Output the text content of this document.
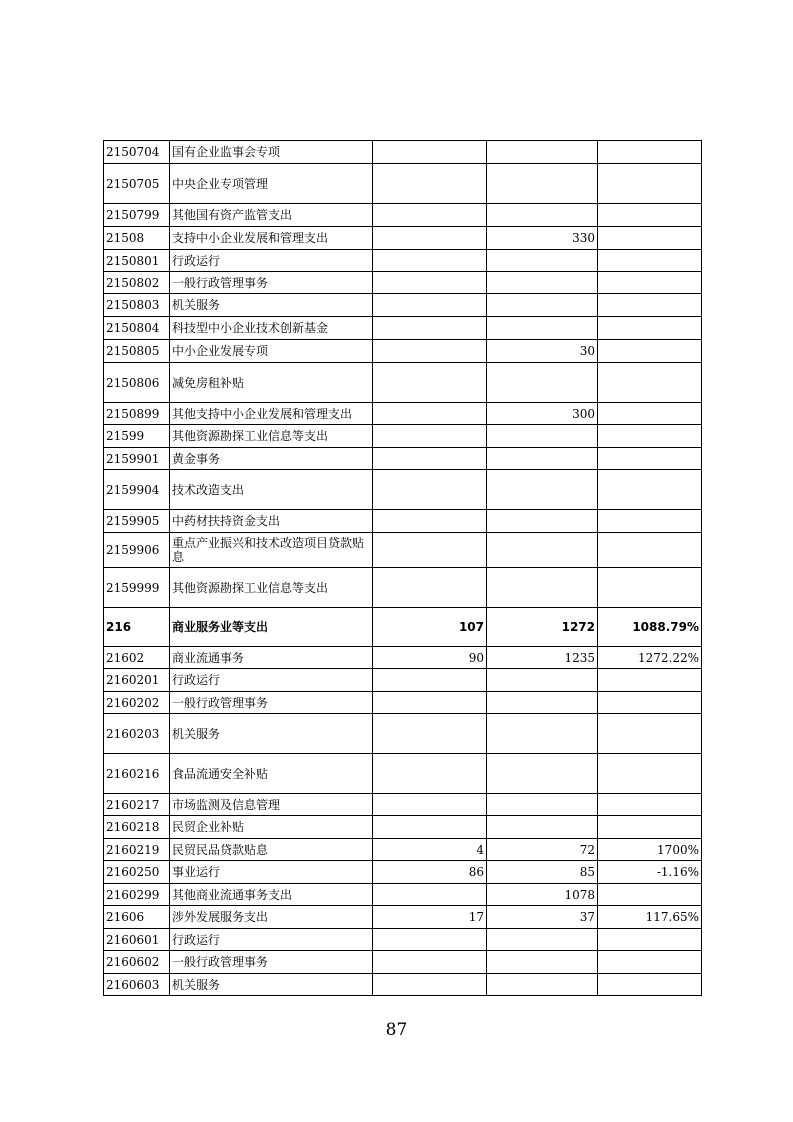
2150704	国有企业监事会专项			
2150705	中央企业专项管理			
2150799	其他国有资产监管支出			
21508	支持中小企业发展和管理支出		330	
2150801	行政运行			
2150802	一般行政管理事务			
2150803	机关服务			
2150804	科技型中小企业技术创新基金			
2150805	中小企业发展专项		30	
2150806	减免房租补贴			
2150899	其他支持中小企业发展和管理支出		300	
21599	其他资源勘探工业信息等支出			
2159901	黄金事务			
2159904	技术改造支出			
2159905	中药材扶持资金支出			
2159906	重点产业振兴和技术改造项目贷款贴息			
2159999	其他资源勘探工业信息等支出			
216	商业服务业等支出	107	1272	1088.79%
21602	商业流通事务	90	1235	1272.22%
2160201	行政运行			
2160202	一般行政管理事务			
2160203	机关服务			
2160216	食品流通安全补贴			
2160217	市场监测及信息管理			
2160218	民贸企业补贴			
2160219	民贸民品贷款贴息	4	72	1700%
2160250	事业运行	86	85	-1.16%
2160299	其他商业流通事务支出		1078	
21606	涉外发展服务支出	17	37	117.65%
2160601	行政运行			
2160602	一般行政管理事务			
2160603	机关服务			
87
